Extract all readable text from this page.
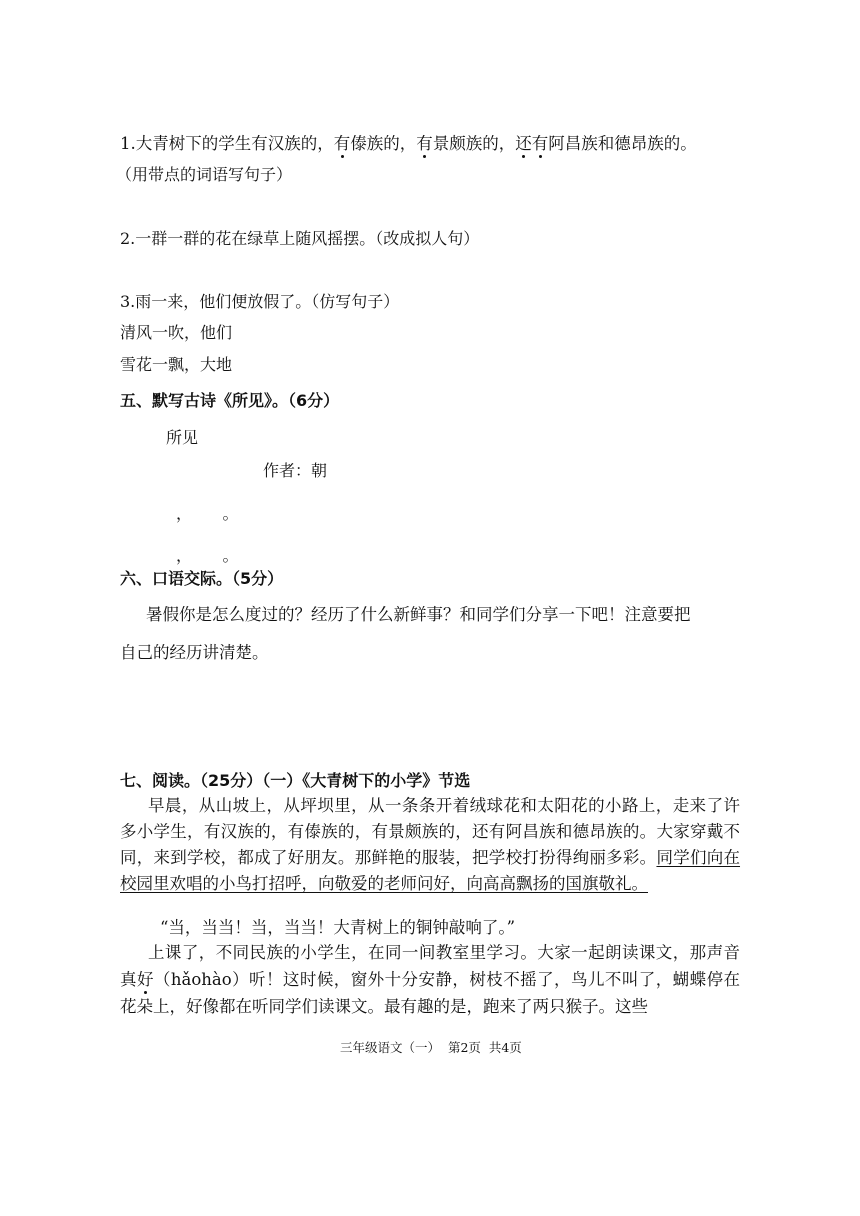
1.大青树下的学生有汉族的，有傣族的，有景颇族的，还有阿昌族和德昂族的。
（用带点的词语写句子）
2.一群一群的花在绿草上随风摇摆。（改成拟人句）
3.雨一来，他们便放假了。（仿写句子）
清风一吹，他们
雪花一飘，大地
五、默写古诗《所见》。（6分）
所见
作者：朝
，      。
，      。
六、口语交际。（5分）
暑假你是怎么度过的？经历了什么新鲜事？和同学们分享一下吧！注意要把
自己的经历讲清楚。
七、阅读。（25分）（一）《大青树下的小学》节选
早晨，从山坡上，从坪坝里，从一条条开着绒球花和太阳花的小路上，走来了许多小学生，有汉族的，有傣族的，有景颇族的，还有阿昌族和德昂族的。大家穿戴不同，来到学校，都成了好朋友。那鲜艳的服装，把学校打扮得绚丽多彩。同学们向在校园里欢唱的小鸟打招呼，向敬爱的老师问好，向高高飘扬的国旗敬礼。
“当，当当！当，当当！大青树上的铜钟敲响了。”
上课了，不同民族的小学生，在同一间教室里学习。大家一起朗读课文，那声音真好（hǎohào）听！这时候，窗外十分安静，树枝不摇了，鸟儿不叫了，蝴蝶停在花朵上，好像都在听同学们读课文。最有趣的是，跑来了两只猴子。这些
三年级语文（一）  第2页  共4页
